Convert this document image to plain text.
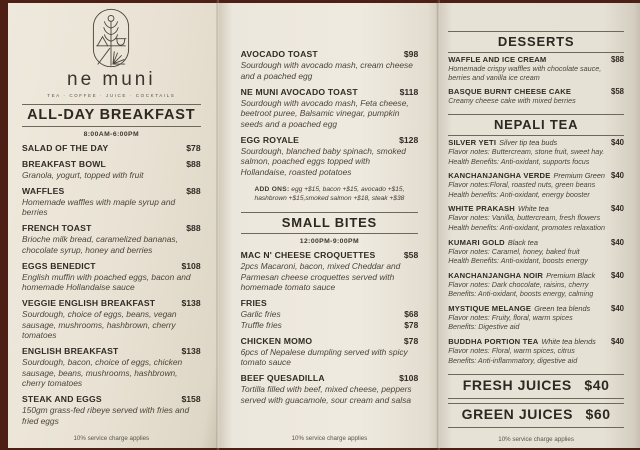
ne muni
TEA · COFFEE · JUICE · COCKTAILS
ALL-DAY BREAKFAST
8:00AM-6:00PM
SALAD OF THE DAY	$78
BREAKFAST BOWL	$88
Granola, yogurt, topped with fruit
WAFFLES	$88
Homemade waffles with maple syrup and berries
FRENCH TOAST	$88
Brioche milk bread, caramelized bananas, chocolate syrup, honey and berries
EGGS BENEDICT	$108
English muffin with poached eggs, bacon and homemade Hollandaise sauce
VEGGIE ENGLISH BREAKFAST	$138
Sourdough, choice of eggs, beans, vegan sausage, mushrooms, hashbrown, cherry tomatoes
ENGLISH BREAKFAST	$138
Sourdough, bacon, choice of eggs, chicken sausage, beans, mushrooms, hashbrown, cherry tomatoes
STEAK AND EGGS	$158
150gm grass-fed ribeye served with fries and fried eggs
10% service charge applies
AVOCADO TOAST	$98
Sourdough with avocado mash, cream cheese and a poached egg
NE MUNI AVOCADO TOAST	$118
Sourdough with avocado mash, Feta cheese, beetroot puree, Balsamic vinegar, pumpkin seeds and a poached egg
EGG ROYALE	$128
Sourdough, blanched baby spinach, smoked salmon, poached eggs topped with Hollandaise, roasted potatoes
ADD ONS: egg +$15, bacon +$15, avocado +$15, hashbrown +$15,smoked salmon +$18, steak +$38
SMALL BITES
12:00PM-9:00PM
MAC N' CHEESE CROQUETTES	$58
2pcs Macaroni, bacon, mixed Cheddar and Parmesan cheese croquettes served with homemade tomato sauce
FRIES
Garlic fries	$68
Truffle fries	$78
CHICKEN MOMO	$78
6pcs of Nepalese dumpling served with spicy tomato sauce
BEEF QUESADILLA	$108
Tortilla filled with beef, mixed cheese, peppers served with guacamole, sour cream and salsa
10% service charge applies
DESSERTS
WAFFLE AND ICE CREAM	$88
Homemade crispy waffles with chocolate sauce, berries and vanilla ice cream
BASQUE BURNT CHEESE CAKE	$58
Creamy cheese cake with mixed berries
NEPALI TEA
SILVER YETI Silver tip tea buds	$40
Flavor notes: Buttercream, stone fruit, sweet hay.
Health Benefits: Anti-oxidant, supports focus
KANCHANJANGHA VERDE Premium Green $40
Flavor notes:Floral, roasted nuts, green beans
Health benefits: Anti-oxidant, energy booster
WHITE PRAKASH White tea	$40
Flavor notes: Vanilla, buttercream, fresh flowers
Health benefits: Anti-oxidant, promotes relaxation
KUMARI GOLD Black tea	$40
Flavor notes: Caramel, honey, baked fruit
Health Benefits: Anti-oxidant, boosts energy
KANCHANJANGHA NOIR Premium Black	$40
Flavor notes: Dark chocolate, raisins, cherry
Benefits: Anti-oxidant, boosts energy, calming
MYSTIQUE MELANGE Green tea blends	$40
Flavor notes: Fruity, floral, warm spices
Benefits: Digestive aid
BUDDHA PORTION TEA White tea blends	$40
Flavor notes: Floral, warm spices, citrus
Benefits: Anti-inflammatory, digestive aid
FRESH JUICES $40
GREEN JUICES $60
10% service charge applies
